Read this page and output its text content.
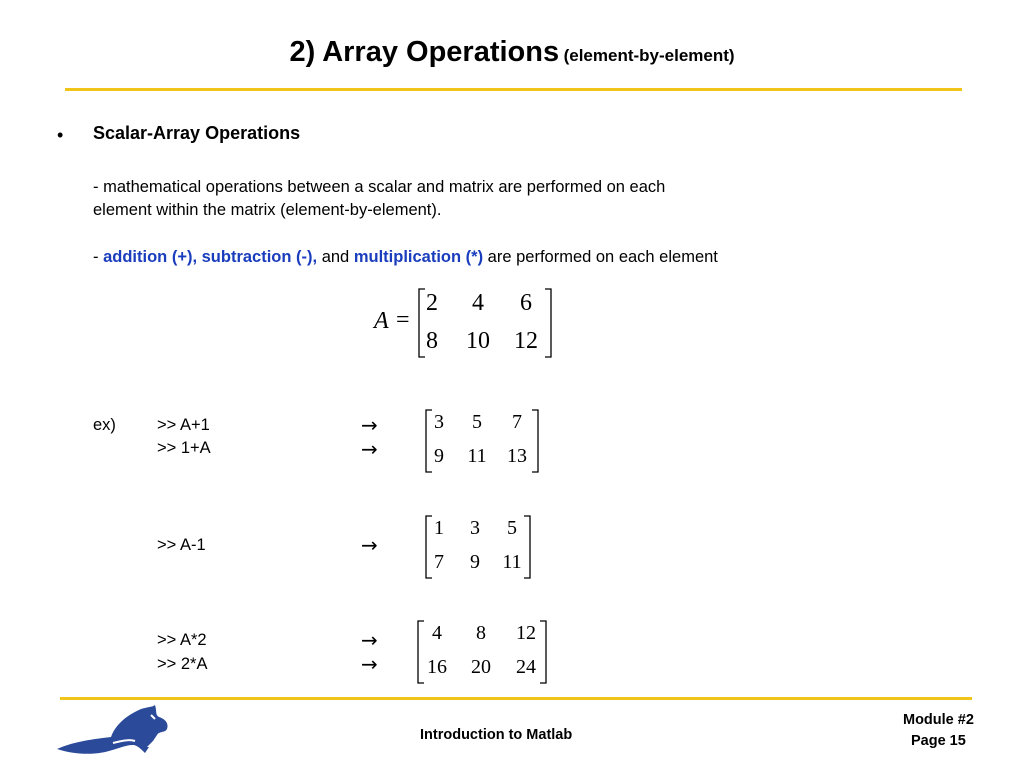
2) Array Operations (element-by-element)
• Scalar-Array Operations
- mathematical operations between a scalar and matrix are performed on each
element within the matrix (element-by-element).
- addition (+), subtraction (-), and multiplication (*) are performed on each element
A =
2 4 6
8 10 12
ex) >> A+1
>> 1+A
>> A-1
>> A*2
>> 2*A
→
→
→
→
→
3 5 7
9 11 13
1 3 5
7 9 11
4 8 12
16 20 24
Introduction to Matlab
Module #2
Page 15
